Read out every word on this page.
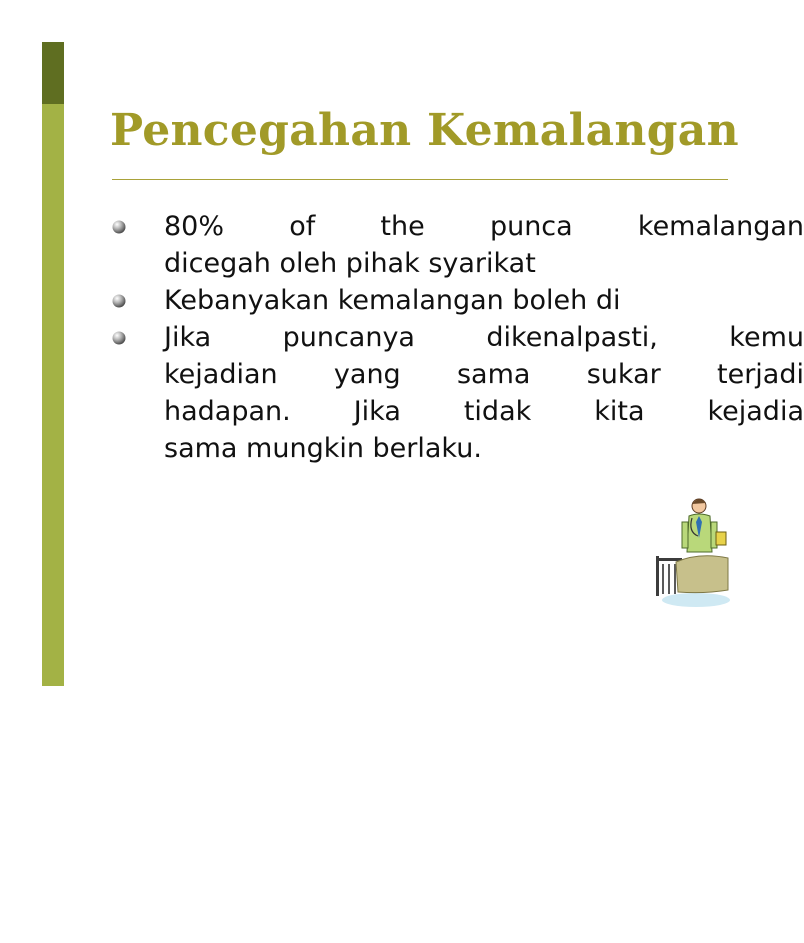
Pencegahan Kemalangan
80% of the punca kemalangan
dicegah oleh pihak syarikat
Kebanyakan kemalangan boleh di
Jika puncanya dikenalpasti, kemu
kejadian yang sama sukar terjadi
hadapan. Jika tidak kita kejadia
sama mungkin berlaku.
